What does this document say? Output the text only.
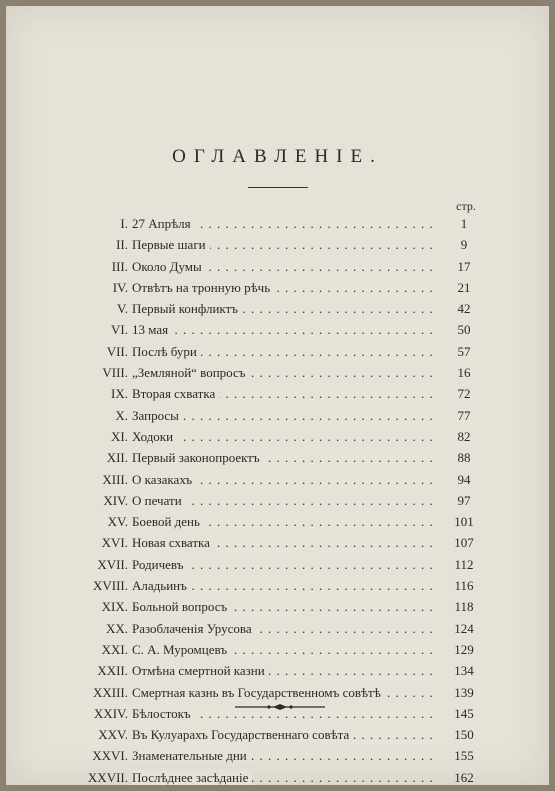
ОГЛАВЛЕНІЕ.
стр.
I. 27 Апрѣля . . .	1
II. Первые шаги . . .	9
III. Около Думы . . .	17
IV. Отвѣтъ на тронную рѣчь . . .	21
V. Первый конфликтъ . . .	42
VI. 13 мая . . .	50
VII. Послѣ бури . . .	57
VIII. „Земляной“ вопросъ . . .	16
IX. Вторая схватка . . .	72
X. Запросы . . .	77
XI. Ходоки . . .	82
XII. Первый законопроектъ . . .	88
XIII. О казакахъ . . .	94
XIV. О печати . . .	97
XV. Боевой день . . .	101
XVI. Новая схватка . . .	107
XVII. Родичевъ . . .	112
XVIII. Аладьинъ . . .	116
XIX. Больной вопросъ . . .	118
XX. Разоблаченія Урусова . . .	124
XXI. С. А. Муромцевъ . . .	129
XXII. Отмѣна смертной казни . . .	134
XXIII. Смертная казнь въ Государственномъ совѣтѣ . . .	139
XXIV. Бѣлостокъ . . .	145
XXV. Въ Кулуарахъ Государственнаго совѣта . . .	150
XXVI. Знаменательные дни . . .	155
XXVII. Послѣднее засѣданіе . . .	162
